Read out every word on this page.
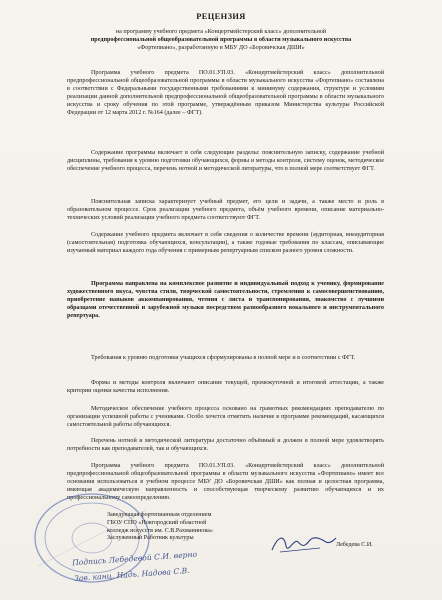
РЕЦЕНЗИЯ
на программу учебного предмета «Концертмейстерский класс» дополнительной
предпрофессиональной общеобразовательной программы в области музыкального искусства
«Фортепиано», разработанную в МБУ ДО «Боровичская ДШИ»
Программа учебного предмета ПО.01.УП.03. «Концертмейстерский класс» дополнительной предпрофессиональной общеобразовательной программы в области музыкального искусства «Фортепиано» составлена в соответствии с Федеральными государственными требованиями к минимуму содержания, структуре и условиям реализации данной дополнительной предпрофессиональной общеобразовательной программы в области музыкального искусства и сроку обучения по этой программе, утверждённым приказом Министерства культуры Российской Федерации от 12 марта 2012 г. №164 (далее – ФГТ).
Содержание программы включает в себя следующие разделы: пояснительную записку, содержание учебной дисциплины, требования к уровню подготовки обучающихся, формы и методы контроля, систему оценок, методическое обеспечение учебного процесса, перечень нотной и методической литературы, что в полной мере соответствует ФГТ.
Пояснительная записка характеризует учебный предмет, его цели и задачи, а также место и роль в образовательном процессе. Срок реализации учебного предмета, объём учебного времени, описание материально-технических условий реализации учебного предмета соответствуют ФГТ.
Содержание учебного предмета включает в себя сведения о количестве времени (аудиторная, внеаудиторная (самостоятельная) подготовка обучающихся, консультации), а также годовые требования по классам, описывающие изучаемый материал каждого года обучения с примерным репертуарным списком разного уровня сложности.
Программа направлена на комплексное развитие и индивидуальный подход к ученику, формирование художественного вкуса, чувства стиля, творческой самостоятельности, стремления к самосовершенствованию, приобретение навыков аккомпанирования, чтения с листа и транспонирования, знакомство с лучшими образцами отечественной и зарубежной музыки посредством разнообразного вокального и инструментального репертуара.
Требования к уровню подготовки учащихся сформулированы в полной мере и в соответствии с ФГТ.
Формы и методы контроля включают описание текущей, промежуточной и итоговой аттестации, а также критерии оценки качества исполнения.
Методическое обеспечение учебного процесса основано на грамотных рекомендациях преподавателю по организации успешной работы с учениками. Особо хочется отметить наличие в программе рекомендаций, касающихся самостоятельной работы обучающихся.
Перечень нотной и методической литературы достаточно объёмный и должен в полной мере удовлетворять потребности как преподавателей, так и обучающихся.
Программа учебного предмета ПО.01.УП.03. «Концертмейстерский класс» дополнительной предпрофессиональной общеобразовательной программы в области музыкального искусства «Фортепиано» имеет все основания использоваться в учебном процессе МБУ ДО «Боровичская ДШИ» как полная и целостная программа, имеющая академическую направленность и способствующая творческому развитию обучающихся и их профессиональному самоопределению.
Заведующая фортепианным отделением
ГБОУ СПО «Новгородский областной
колледж искусств им. С.В.Рахманинова»
Заслуженный Работник культуры
Лебедева С.И.
Подпись Лебедевой С.И. верно
Зав. канц. Надь. Надова С.В.
